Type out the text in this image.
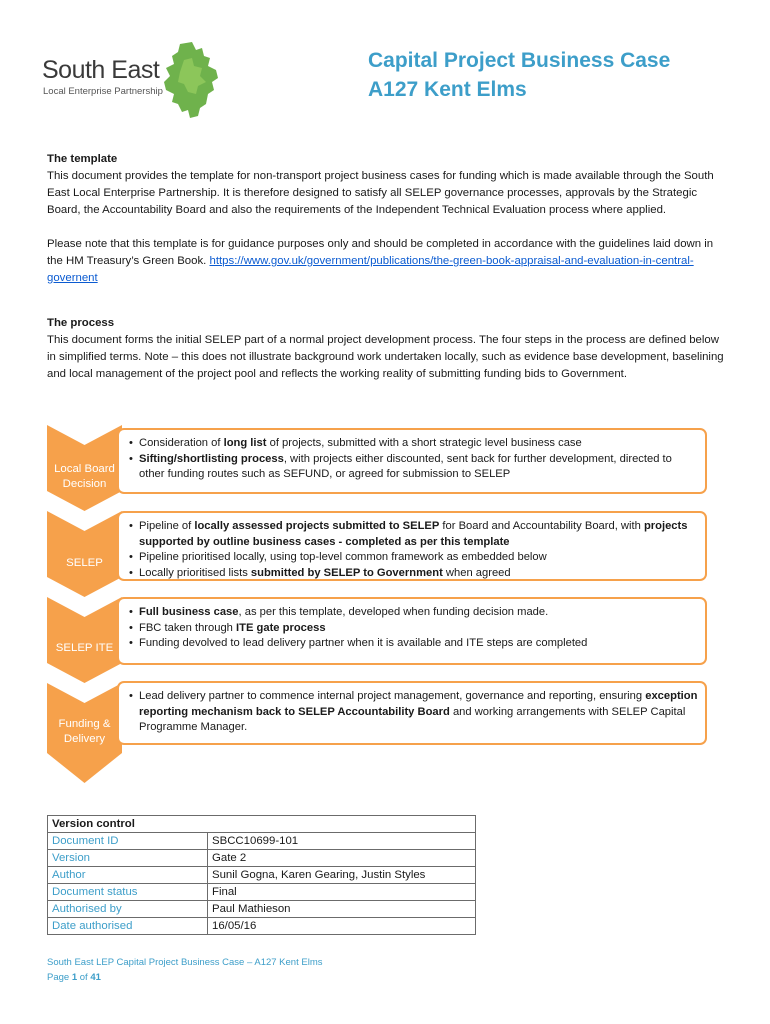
South East
Local Enterprise Partnership
Capital Project Business Case
A127 Kent Elms

The template

This document provides the template for non-transport project business cases for funding which is made available through the South East Local Enterprise Partnership. It is therefore designed to satisfy all SELEP governance processes, approvals by the Strategic Board, the Accountability Board and also the requirements of the Independent Technical Evaluation process where applied.

Please note that this template is for guidance purposes only and should be completed in accordance with the guidelines laid down in the HM Treasury’s Green Book. https://www.gov.uk/government/publications/the-green-book-appraisal-and-evaluation-in-central-governent

The process

This document forms the initial SELEP part of a normal project development process. The four steps in the process are defined below in simplified terms. Note – this does not illustrate background work undertaken locally, such as evidence base development, baselining and local management of the project pool and reflects the working reality of submitting funding bids to Government.

Local Board Decision
• Consideration of long list of projects, submitted with a short strategic level business case
• Sifting/shortlisting process, with projects either discounted, sent back for further development, directed to other funding routes such as SEFUND, or agreed for submission to SELEP
SELEP
• Pipeline of locally assessed projects submitted to SELEP for Board and Accountability Board, with projects supported by outline business cases - completed as per this template
• Pipeline prioritised locally, using top-level common framework as embedded below
• Locally prioritised lists submitted by SELEP to Government when agreed
SELEP ITE
• Full business case, as per this template, developed when funding decision made.
• FBC taken through ITE gate process
• Funding devolved to lead delivery partner when it is available and ITE steps are completed
Funding & Delivery
• Lead delivery partner to commence internal project management, governance and reporting, ensuring exception reporting mechanism back to SELEP Accountability Board and working arrangements with SELEP Capital Programme Manager.
Version control	
Document ID	SBCC10699-101
Version	Gate 2
Author	Sunil Gogna, Karen Gearing, Justin Styles
Document status	Final
Authorised by	Paul Mathieson
Date authorised	16/05/16
South East LEP Capital Project Business Case – A127 Kent Elms
Page 1 of 41
